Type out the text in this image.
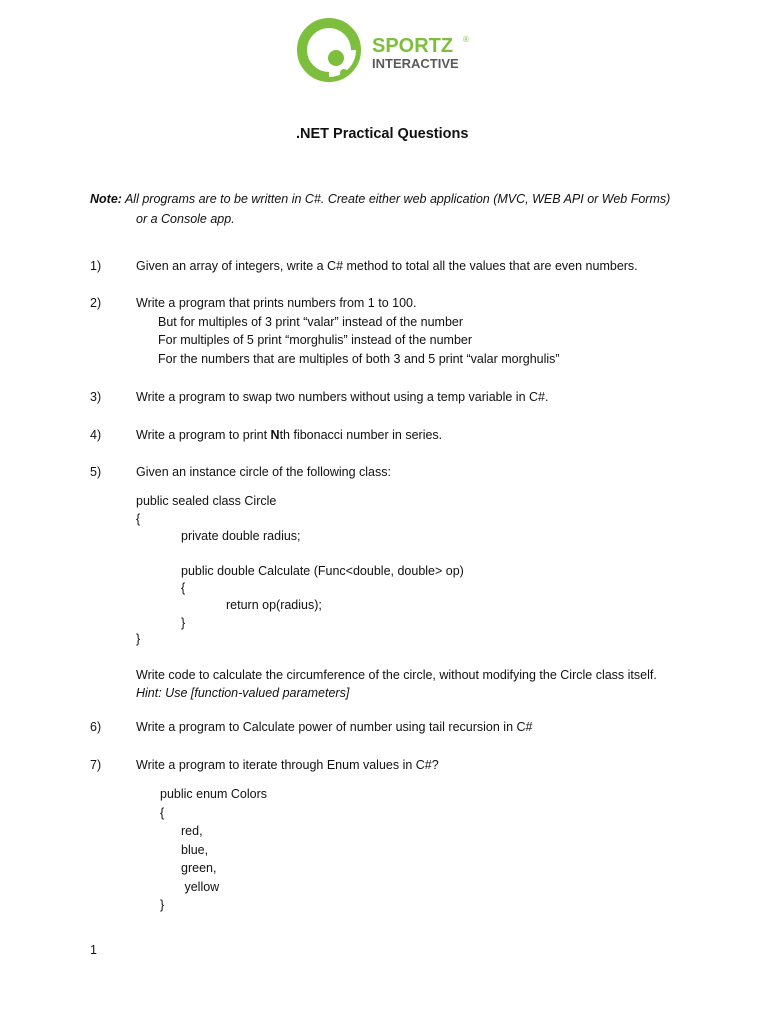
SPORTZ ®
INTERACTIVE
.NET Practical Questions
Note: All programs are to be written in C#. Create either web application (MVC, WEB API or Web Forms)
or a Console app.
1)	Given an array of integers, write a C# method to total all the values that are even numbers.
2)	Write a program that prints numbers from 1 to 100.
But for multiples of 3 print “valar” instead of the number
For multiples of 5 print “morghulis” instead of the number
For the numbers that are multiples of both 3 and 5 print “valar morghulis”
3)	Write a program to swap two numbers without using a temp variable in C#.
4)	Write a program to print Nth fibonacci number in series.
5)	Given an instance circle of the following class:
public sealed class Circle
{
private double radius;
public double Calculate (Func<double, double> op)
{
return op(radius);
}
}
Write code to calculate the circumference of the circle, without modifying the Circle class itself.
Hint: Use [function-valued parameters]
6)	Write a program to Calculate power of number using tail recursion in C#
7)	Write a program to iterate through Enum values in C#?
public enum Colors
{
red,
blue,
green,
yellow
}
1
